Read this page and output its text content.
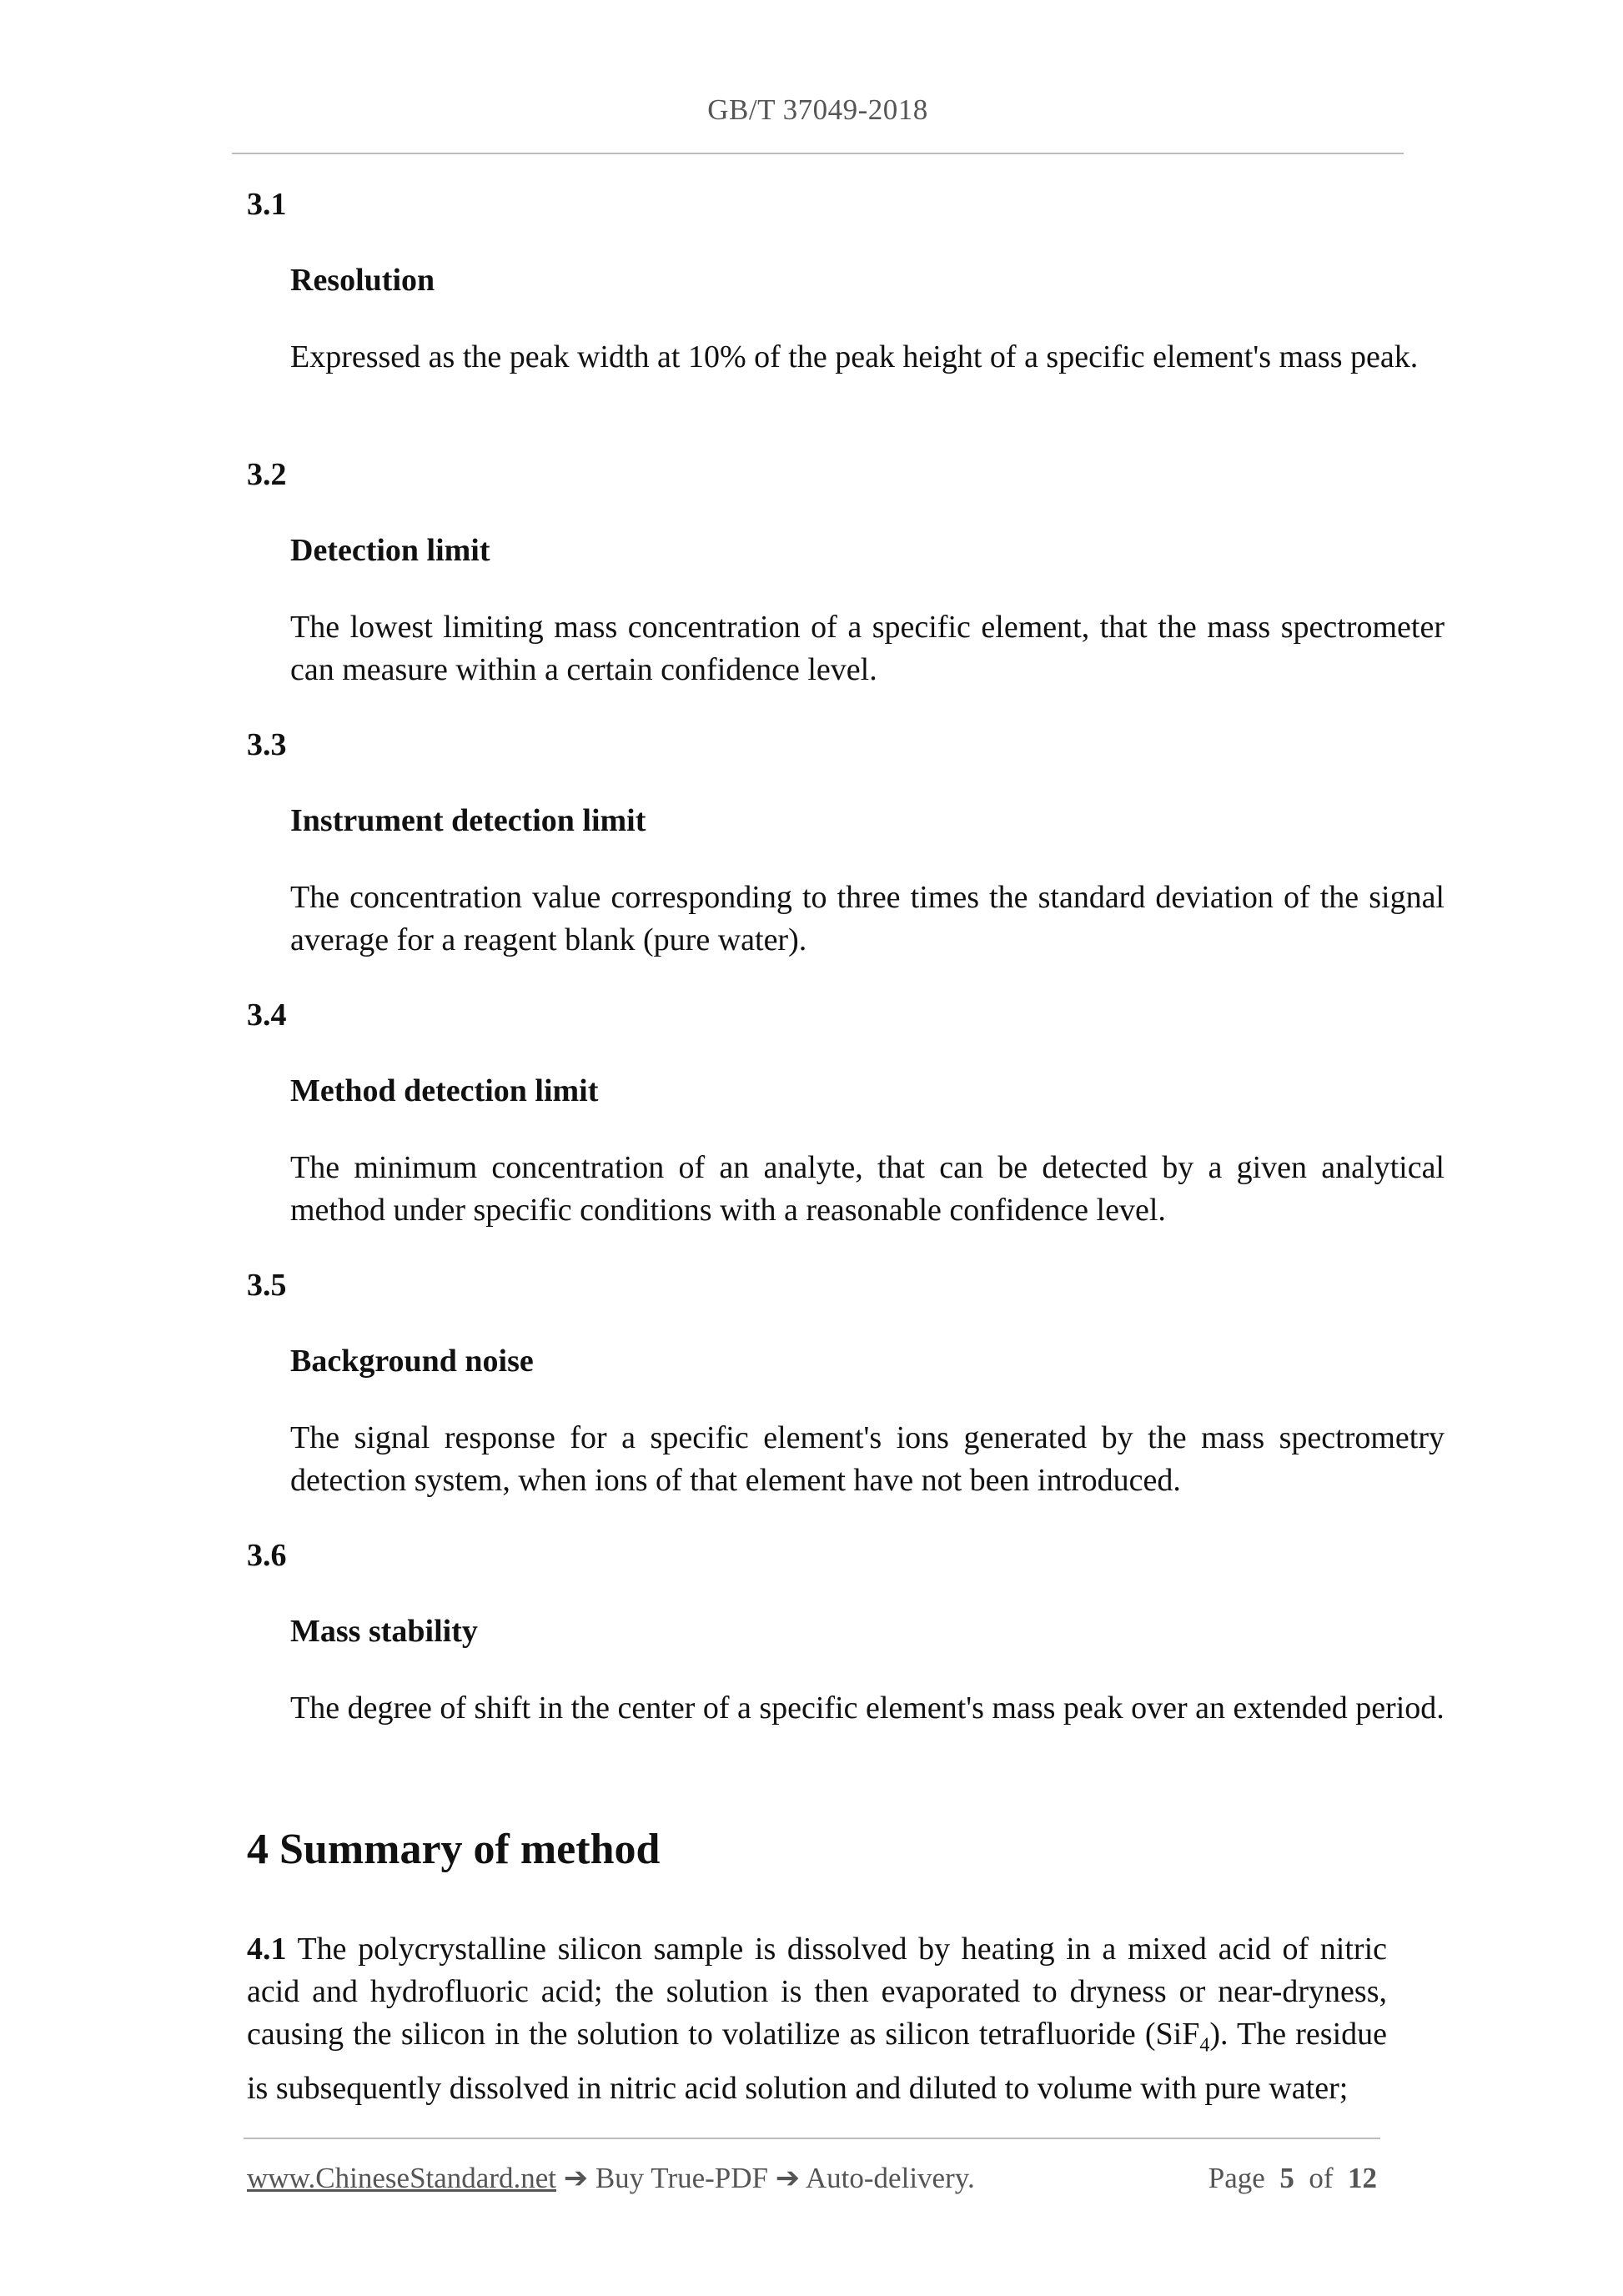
GB/T 37049-2018
3.1
Resolution
Expressed as the peak width at 10% of the peak height of a specific element's mass peak.
3.2
Detection limit
The lowest limiting mass concentration of a specific element, that the mass spectrometer can measure within a certain confidence level.
3.3
Instrument detection limit
The concentration value corresponding to three times the standard deviation of the signal average for a reagent blank (pure water).
3.4
Method detection limit
The minimum concentration of an analyte, that can be detected by a given analytical method under specific conditions with a reasonable confidence level.
3.5
Background noise
The signal response for a specific element's ions generated by the mass spectrometry detection system, when ions of that element have not been introduced.
3.6
Mass stability
The degree of shift in the center of a specific element's mass peak over an extended period.
4 Summary of method
4.1 The polycrystalline silicon sample is dissolved by heating in a mixed acid of nitric acid and hydrofluoric acid; the solution is then evaporated to dryness or near-dryness, causing the silicon in the solution to volatilize as silicon tetrafluoride (SiF$_4$). The residue is subsequently dissolved in nitric acid solution and diluted to volume with pure water;
www.ChineseStandard.net ➔ Buy True-PDF ➔ Auto-delivery.	Page 5 of 12
